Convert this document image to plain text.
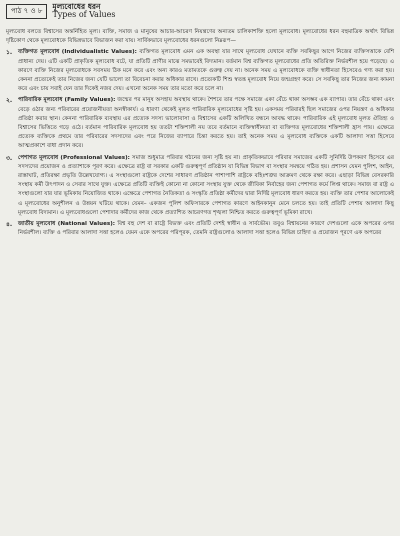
পাঠ ৭ ও ৮	মূল্যবোধের ধরন
Types of Values

মূল্যবোধ বলতে বিশ্বাসের অন্তর্নিহিত মূল্য। ব্যক্তি, সমাজ ও মানুষের আচার-আচরণ নিয়ন্ত্রণের অন্যতম চালিকাশক্তি হলো মূল্যবোধ। মূল্যবোধের ধরন বহুমাত্রিক অর্থাৎ বিভিন্ন দৃষ্টিকোণ থেকে মূল্যবোধকে বিভিন্নভাবে বিভাজন করা যায়। সার্বিকভাবে মূল্যবোধের ধরনগুলো নিম্নরূপ—

১.	ব্যক্তিগত মূল্যবোধ (Individualistic Values): ব্যক্তিগত মূল্যবোধ এমন এক অবস্থা যার সাথে মূল্যবোধ যেখানে ব্যক্তি সবকিছুর আগে নিজের ব্যক্তিসত্তাকে বেশি প্রাধান্য দেয়। এটি একটি প্রাকৃতিক মূল্যবোধ বটে, যা প্রতিটি প্রাণীর মাঝে সমভাবেই বিদ্যমান। বর্তমান বিশ্ব ব্যক্তিগত মূল্যবোধের প্রতি অতিরিক্ত নির্ভরশীল হয়ে পড়েছে। এ কারণে ব্যক্তি নিজের মূল্যবোধকে সবসময় ঠিক মনে করে এবং অন্য কারও মতামতকে গুরুত্ব দেয় না। অনেক সময় এ মূল্যবোধকে ব্যক্তি স্বাধীনতা হিসেবেও গণ্য করা হয়। কেননা প্রত্যেকেই তার নিজের জন্য যেটি ভালো তা বিবেচনা করার অধিকার রাখে। প্রত্যেকটি শিশু স্বতন্ত্র মূল্যবোধ নিয়ে জন্মগ্রহণ করে। সে সবকিছু তার নিজের জন্য কামনা করে এবং চায় সবাই যেন তার দিকেই নজর দেয়। এখনো অনেক সময় তার মতো করে চলে না।
২.	পারিবারিক মূল্যবোধ (Family Values): জন্মের পর মানুষ অসহায় অবস্থায় থাকে। শৈশবে তার পক্ষে সমাজে একা বেঁচে থাকা অসম্ভব এক ব্যাপার। তার বেঁচে থাকা এবং বেড়ে ওঠার জন্য পরিবারের প্রয়োজনীয়তা অনস্বীকার্য। এ ধারণা থেকেই মূলত পারিবারিক মূল্যবোধের সৃষ্টি হয়। একসময় পরিবারই ছিল সমাজের ওপর নিয়ন্ত্রণ ও অধিকার প্রতিষ্ঠা করার স্থান। কেননা পারিবারিক ব্যবস্থায় এর প্রত্যেক সদস্য ভালোবাসা ও বিশ্বাসের একটি অলিখিত বন্ধনে আবদ্ধ থাকে। পারিবারিক এই মূল্যবোধ মূলত ঐতিহ্য ও বিশ্বাসের ভিত্তিতে গড়ে ওঠে। বর্তমান পারিবারিক মূল্যবোধ হয় ততটা শক্তিশালী নয় তবে বর্তমানে ব্যক্তিস্বাধীনতা বা ব্যক্তিগত মূল্যবোধের শক্তিশালী হ্রাস পায়। এক্ষেত্রে প্রত্যেক ব্যক্তিকে প্রথমে তার পরিবারের সদস্যদের এবং পরে নিজের ব্যাপারে চিন্তা করতে হয়। তাই অনেক সময় এ মূল্যবোধ ব্যক্তিকে একটি আলাদা সত্তা হিসেবে আত্মপ্রকাশে বাধা প্রদান করে।
৩.	পেশাগত মূল্যবোধ (Professional Values): সমাজ শুধুমাত্র পরিবার গঠনের জন্য সৃষ্টি হয় না। প্রাকৃতিকভাবে পরিবার সমাজের একটি সুনির্দিষ্ট উপকরণ হিসেবে এর সদস্যদের প্রয়োজন ও প্রত্যাশাকে পূরণ করে। এক্ষেত্রে রাষ্ট্র বা সরকার একটি গুরুত্বপূর্ণ প্রতিষ্ঠান যা বিভিন্ন বিভাগ বা সংস্থার সমন্বয়ে গঠিত হয়। প্রশাসন যেমন পুলিশ, আইন, রাস্তাঘাট, প্রতিরক্ষা প্রভৃতি উল্লেখযোগ্য। এ সংস্থাগুলো রাষ্ট্রকে দেশের সাধারণ প্রতিষ্ঠান পাশাপাশি রাষ্ট্রকে বহিঃশত্রুর আক্রমণ থেকে রক্ষা করে। এছাড়া বিভিন্ন বেসরকারি সংস্থায় কর্মী উৎপাদন ও সেবার সাথে যুক্ত। এক্ষেত্রে প্রতিটি ব্যক্তিই কোনো না কোনো সংস্থায় যুক্ত থেকে জীবিকা নির্বাহের জন্য পেশাগত কর্মে লিপ্ত থাকে। সমাজ বা রাষ্ট্র এ সংস্থাগুলো যার যার ভূমিকায় নিয়োজিত থাকে। এক্ষেত্রে পেশাগত নৈতিকতা ও সংস্কৃতি প্রতিষ্ঠা কর্মীদের দ্বারা নির্দিষ্ট মূল্যবোধ ধারণ করতে হয়। ব্যক্তি তার পেশার আলোকেই এ মূল্যবোধের অনুশীলন ও উন্নয়ন ঘটিয়ে থাকে। যেমন– একজন পুলিশ অফিসারকে পেশাগত কারণে আইনকানুন মেনে চলতে হয়। তাই প্রতিটি পেশায় আলাদা কিছু মূল্যবোধ বিদ্যমান। এ মূল্যবোধগুলো পেশাদার কর্মীদের কাজ থেকে প্রত্যাশিত আচরণগত শৃঙ্খলা নিশ্চিত করতে গুরুত্বপূর্ণ ভূমিকা রাখে।
৪.	জাতীয় মূল্যবোধ (National Values): বিশ্ব বহু দেশ বা রাষ্ট্রে বিভক্ত এবং প্রতিটি দেশই স্বাধীন ও সার্বভৌম। তবুও বিশ্বায়নের কারণে দেশগুলো একে অপরের ওপর নির্ভরশীল। ব্যক্তি ও পরিবার আলাদা সত্তা হলেও যেমন একে অপরের পরিপূরক, তেমনি রাষ্ট্রগুলোও আলাদা সত্তা হলেও বিভিন্ন চাহিদা ও প্রয়োজন পূরণে এক অপরের
